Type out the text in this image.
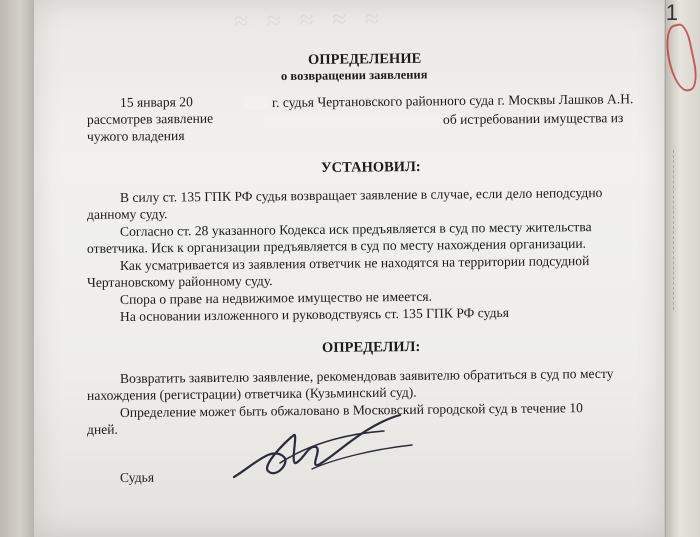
1
≈ ≈ ≈ ≈ ≈
ОПРЕДЕЛЕНИЕ
о возвращении заявления
15 января 20	г. судья Чертановского районного суда г. Москвы Лашков А.Н.
рассмотрев заявление	об истребовании имущества из
чужого владения
УСТАНОВИЛ:
В силу ст. 135 ГПК РФ судья возвращает заявление в случае, если дело неподсудно
данному суду.
Согласно ст. 28 указанного Кодекса иск предъявляется в суд по месту жительства
ответчика. Иск к организации предъявляется в суд по месту нахождения организации.
Как усматривается из заявления ответчик не находятся на территории подсудной
Чертановскому районному суду.
Спора о праве на недвижимое имущество не имеется.
На основании изложенного и руководствуясь ст. 135 ГПК РФ судья
ОПРЕДЕЛИЛ:
Возвратить заявителю заявление, рекомендовав заявителю обратиться в суд по месту
нахождения (регистрации) ответчика (Кузьминский суд).
Определение может быть обжаловано в Московский городской суд в течение 10
дней.
Судья
